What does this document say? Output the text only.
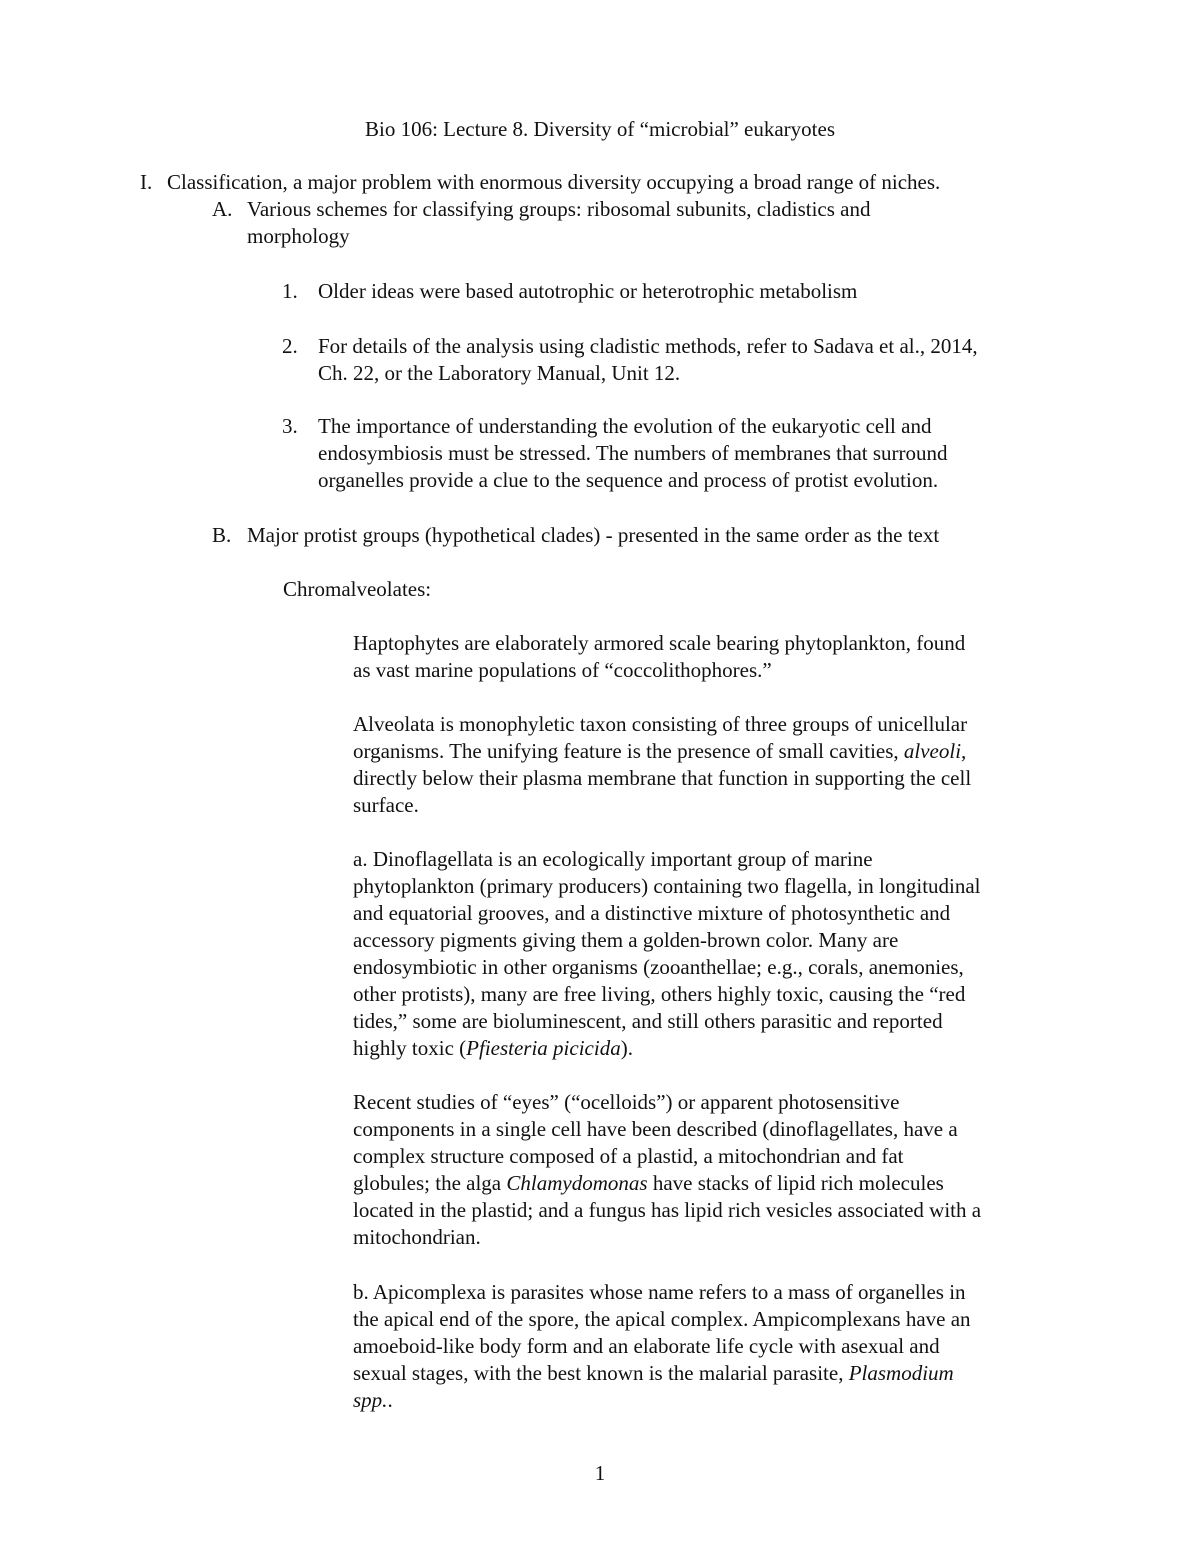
Bio 106: Lecture 8. Diversity of “microbial” eukaryotes
I. Classification, a major problem with enormous diversity occupying a broad range of niches.
A. Various schemes for classifying groups: ribosomal subunits, cladistics and
morphology
1. Older ideas were based autotrophic or heterotrophic metabolism
2. For details of the analysis using cladistic methods, refer to Sadava et al., 2014,
Ch. 22, or the Laboratory Manual, Unit 12.
3. The importance of understanding the evolution of the eukaryotic cell and
endosymbiosis must be stressed. The numbers of membranes that surround
organelles provide a clue to the sequence and process of protist evolution.
B. Major protist groups (hypothetical clades) - presented in the same order as the text
Chromalveolates:
Haptophytes are elaborately armored scale bearing phytoplankton, found
as vast marine populations of “coccolithophores.”
Alveolata is monophyletic taxon consisting of three groups of unicellular
organisms. The unifying feature is the presence of small cavities, alveoli,
directly below their plasma membrane that function in supporting the cell
surface.
a. Dinoflagellata is an ecologically important group of marine
phytoplankton (primary producers) containing two flagella, in longitudinal
and equatorial grooves, and a distinctive mixture of photosynthetic and
accessory pigments giving them a golden-brown color. Many are
endosymbiotic in other organisms (zooanthellae; e.g., corals, anemonies,
other protists), many are free living, others highly toxic, causing the “red
tides,” some are bioluminescent, and still others parasitic and reported
highly toxic (Pfiesteria picicida).
Recent studies of “eyes” (“ocelloids”) or apparent photosensitive
components in a single cell have been described (dinoflagellates, have a
complex structure composed of a plastid, a mitochondrian and fat
globules; the alga Chlamydomonas have stacks of lipid rich molecules
located in the plastid; and a fungus has lipid rich vesicles associated with a
mitochondrian.
b. Apicomplexa is parasites whose name refers to a mass of organelles in
the apical end of the spore, the apical complex. Ampicomplexans have an
amoeboid-like body form and an elaborate life cycle with asexual and
sexual stages, with the best known is the malarial parasite, Plasmodium
spp..
1
